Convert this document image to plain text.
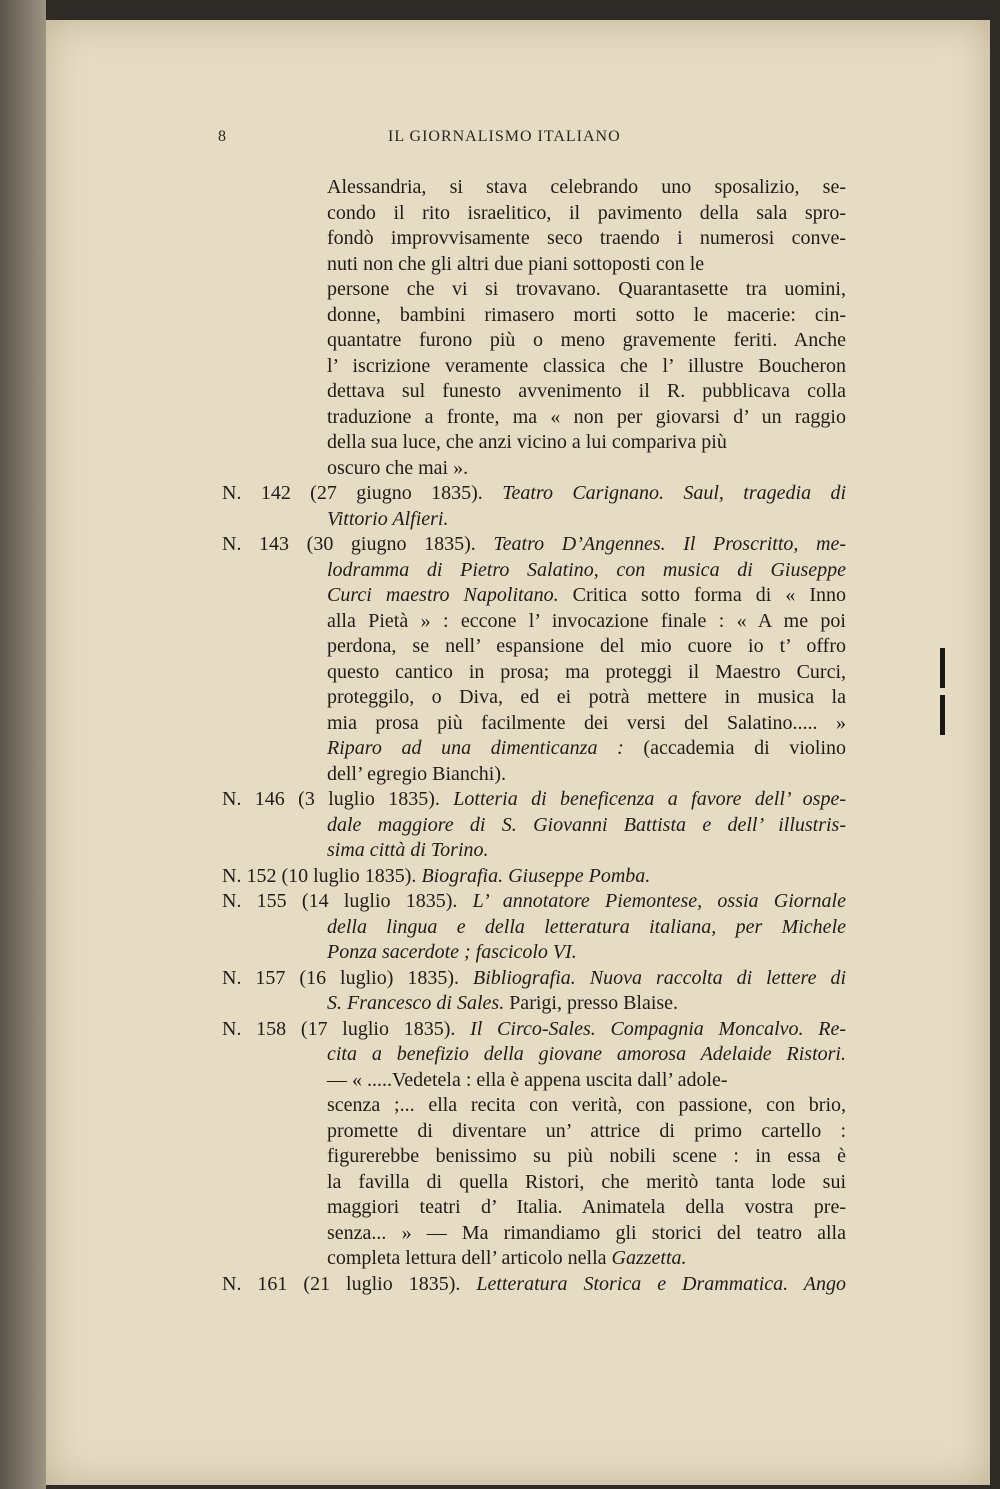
8	IL GIORNALISMO ITALIANO
Alessandria, si stava celebrando uno sposalizio, se-
condo il rito israelitico, il pavimento della sala spro-
fondò improvvisamente seco traendo i numerosi conve-
nuti non che gli altri due piani sottoposti con le
persone che vi si trovavano. Quarantasette tra uomini,
donne, bambini rimasero morti sotto le macerie: cin-
quantatre furono più o meno gravemente feriti. Anche
l’ iscrizione veramente classica che l’ illustre Boucheron
dettava sul funesto avvenimento il R. pubblicava colla
traduzione a fronte, ma « non per giovarsi d’ un raggio
della sua luce, che anzi vicino a lui compariva più
oscuro che mai ».
N. 142 (27 giugno 1835). Teatro Carignano. Saul, tragedia di
Vittorio Alfieri.
N. 143 (30 giugno 1835). Teatro D’Angennes. Il Proscritto, me-
lodramma di Pietro Salatino, con musica di Giuseppe
Curci maestro Napolitano. Critica sotto forma di « Inno
alla Pietà » : eccone l’ invocazione finale : « A me poi
perdona, se nell’ espansione del mio cuore io t’ offro
questo cantico in prosa; ma proteggi il Maestro Curci,
proteggilo, o Diva, ed ei potrà mettere in musica la
mia prosa più facilmente dei versi del Salatino..... »
Riparo ad una dimenticanza : (accademia di violino
dell’ egregio Bianchi).
N. 146 (3 luglio 1835). Lotteria di beneficenza a favore dell’ ospe-
dale maggiore di S. Giovanni Battista e dell’ illustris-
sima città di Torino.
N. 152 (10 luglio 1835). Biografia. Giuseppe Pomba.
N. 155 (14 luglio 1835). L’ annotatore Piemontese, ossia Giornale
della lingua e della letteratura italiana, per Michele
Ponza sacerdote ; fascicolo VI.
N. 157 (16 luglio) 1835). Bibliografia. Nuova raccolta di lettere di
S. Francesco di Sales. Parigi, presso Blaise.
N. 158 (17 luglio 1835). Il Circo-Sales. Compagnia Moncalvo. Re-
cita a benefizio della giovane amorosa Adelaide Ristori.
— « .....Vedetela : ella è appena uscita dall’ adole-
scenza ;... ella recita con verità, con passione, con brio,
promette di diventare un’ attrice di primo cartello :
figurerebbe benissimo su più nobili scene : in essa è
la favilla di quella Ristori, che meritò tanta lode sui
maggiori teatri d’ Italia. Animatela della vostra pre-
senza... » — Ma rimandiamo gli storici del teatro alla
completa lettura dell’ articolo nella Gazzetta.
N. 161 (21 luglio 1835). Letteratura Storica e Drammatica. Ango
